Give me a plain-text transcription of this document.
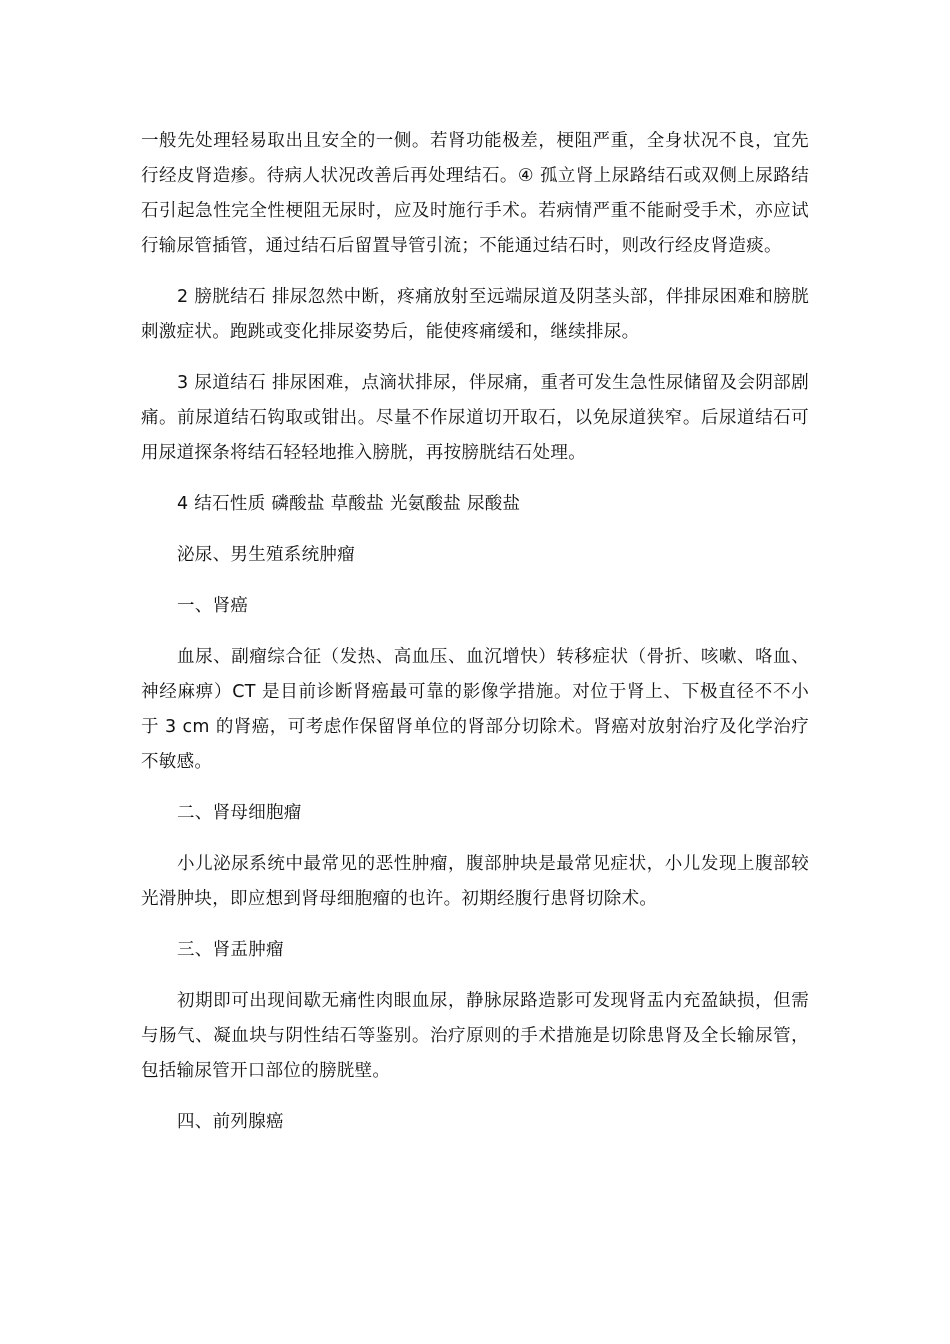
一般先处理轻易取出且安全的一侧。若肾功能极差，梗阻严重，全身状况不良，宜先行经皮肾造瘆。待病人状况改善后再处理结石。④ 孤立肾上尿路结石或双侧上尿路结石引起急性完全性梗阻无尿时，应及时施行手术。若病情严重不能耐受手术，亦应试行输尿管插管，通过结石后留置导管引流；不能通过结石时，则改行经皮肾造痰。

2 膀胱结石 排尿忽然中断，疼痛放射至远端尿道及阴茎头部，伴排尿困难和膀胱刺激症状。跑跳或变化排尿姿势后，能使疼痛缓和，继续排尿。

3 尿道结石 排尿困难，点滴状排尿，伴尿痛，重者可发生急性尿储留及会阴部剧痛。前尿道结石钩取或钳出。尽量不作尿道切开取石，以免尿道狭窄。后尿道结石可用尿道探条将结石轻轻地推入膀胱，再按膀胱结石处理。

4 结石性质 磷酸盐 草酸盐 光氨酸盐 尿酸盐

泌尿、男生殖系统肿瘤

一、肾癌

血尿、副瘤综合征（发热、高血压、血沉增快）转移症状（骨折、咳嗽、咯血、神经麻痹）CT 是目前诊断肾癌最可靠的影像学措施。对位于肾上、下极直径不不小于 3 cm 的肾癌，可考虑作保留肾单位的肾部分切除术。肾癌对放射治疗及化学治疗不敏感。

二、肾母细胞瘤

小儿泌尿系统中最常见的恶性肿瘤，腹部肿块是最常见症状，小儿发现上腹部较光滑肿块，即应想到肾母细胞瘤的也许。初期经腹行患肾切除术。

三、肾盂肿瘤

初期即可出现间歇无痛性肉眼血尿，静脉尿路造影可发现肾盂内充盈缺损，但需与肠气、凝血块与阴性结石等鉴别。治疗原则的手术措施是切除患肾及全长输尿管，包括输尿管开口部位的膀胱壁。

四、前列腺癌
